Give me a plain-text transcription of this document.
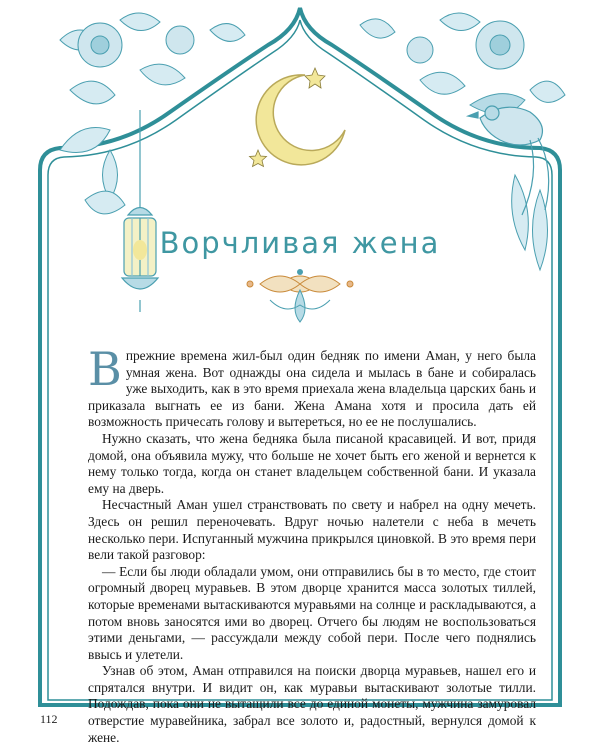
Ворчливая жена

Впрежние времена жил-был один бедняк по имени Аман, у него была умная жена. Вот однажды она сидела и мылась в бане и собиралась уже выходить, как в это время приехала жена владельца царских бань и приказала выгнать ее из бани. Жена Амана хотя и просила дать ей возможность причесать голову и вытереться, но ее не послушались.

Нужно сказать, что жена бедняка была писаной красавицей. И вот, придя домой, она объявила мужу, что больше не хочет быть его женой и вернется к нему только тогда, когда он станет владельцем собственной бани. И указала ему на дверь.

Несчастный Аман ушел странствовать по свету и набрел на одну мечеть. Здесь он решил переночевать. Вдруг ночью налетели с неба в мечеть несколько пери. Испуганный мужчина прикрылся циновкой. В это время пери вели такой разговор:

— Если бы люди обладали умом, они отправились бы в то место, где стоит огромный дворец муравьев. В этом дворце хранится масса золотых тиллей, которые временами вытаскиваются муравьями на солнце и раскладываются, а потом вновь заносятся ими во дворец. Отчего бы людям не воспользоваться этими деньгами, — рассуждали между собой пери. После чего поднялись ввысь и улетели.

Узнав об этом, Аман отправился на поиски дворца муравьев, нашел его и спрятался внутри. И видит он, как муравьи вытаскивают золотые тилли. Подождав, пока они не вытащили все до единой монеты, мужчина замуровал отверстие муравейника, забрал все золото и, радостный, вернулся домой к жене.

112
